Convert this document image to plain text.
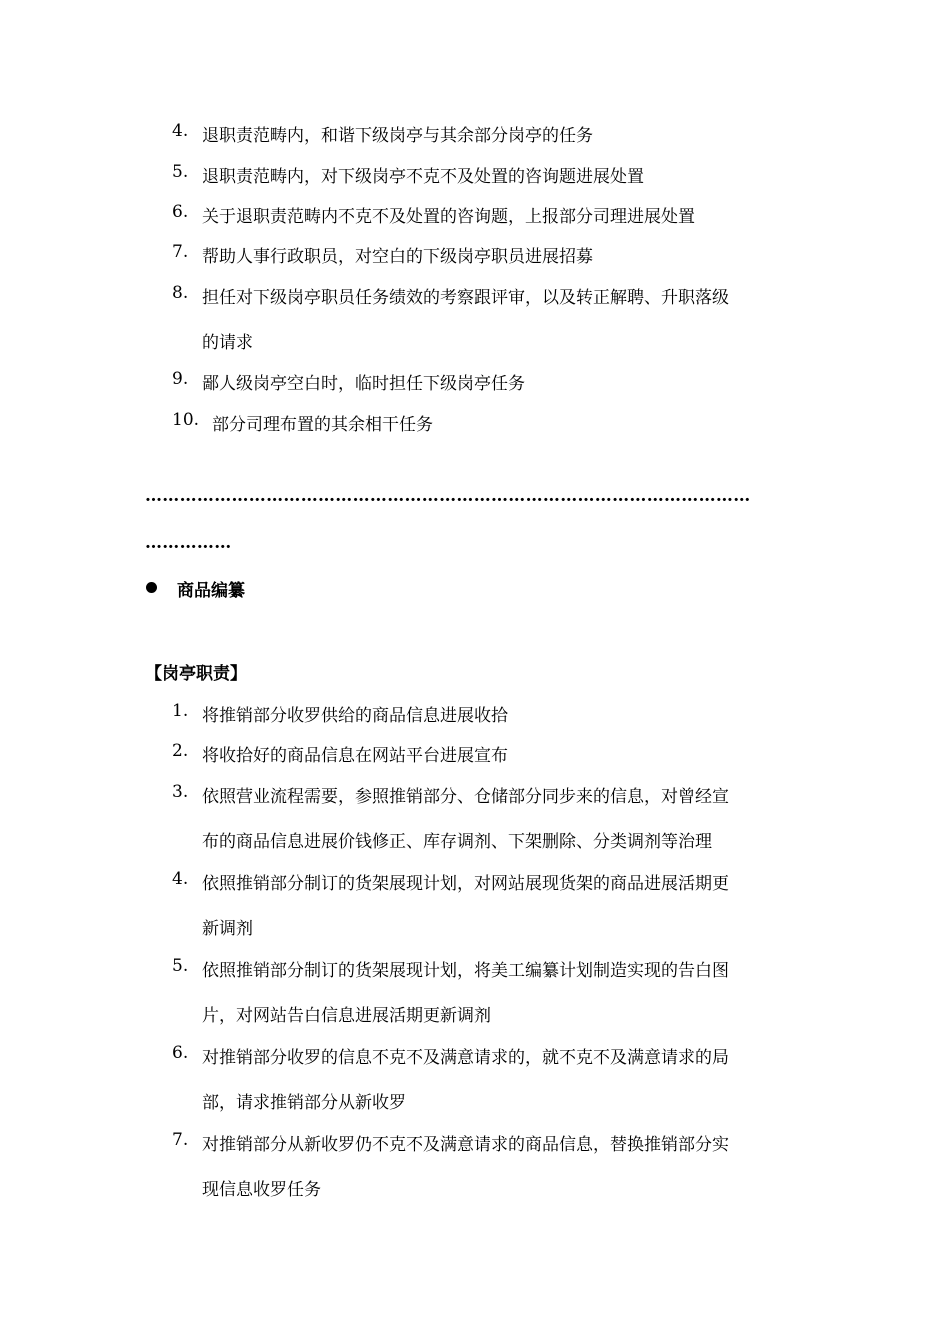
4. 退职责范畴内，和谐下级岗亭与其余部分岗亭的任务
5. 退职责范畴内，对下级岗亭不克不及处置的咨询题进展处置
6. 关于退职责范畴内不克不及处置的咨询题，上报部分司理进展处置
7. 帮助人事行政职员，对空白的下级岗亭职员进展招募
8. 担任对下级岗亭职员任务绩效的考察跟评审，以及转正解聘、升职落级
的请求
9. 鄙人级岗亭空白时，临时担任下级岗亭任务
10. 部分司理布置的其余相干任务
……………………………………………………………………………………………
……………
商品编纂
【岗亭职责】
1. 将推销部分收罗供给的商品信息进展收拾
2. 将收拾好的商品信息在网站平台进展宣布
3. 依照营业流程需要，参照推销部分、仓储部分同步来的信息，对曾经宣
布的商品信息进展价钱修正、库存调剂、下架删除、分类调剂等治理
4. 依照推销部分制订的货架展现计划，对网站展现货架的商品进展活期更
新调剂
5. 依照推销部分制订的货架展现计划，将美工编纂计划制造实现的告白图
片，对网站告白信息进展活期更新调剂
6. 对推销部分收罗的信息不克不及满意请求的，就不克不及满意请求的局
部，请求推销部分从新收罗
7. 对推销部分从新收罗仍不克不及满意请求的商品信息，替换推销部分实
现信息收罗任务
